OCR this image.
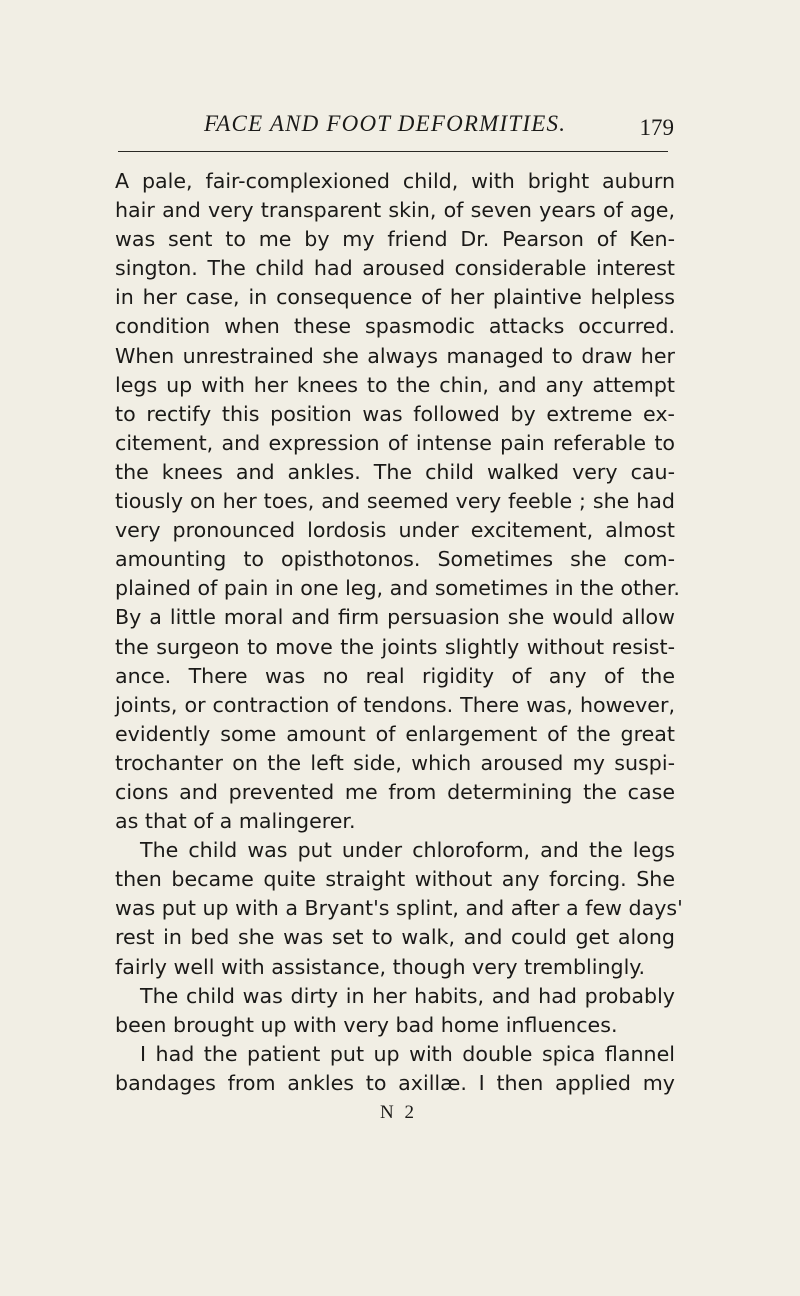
FACE AND FOOT DEFORMITIES.	179
A pale, fair-complexioned child, with bright auburn
hair and very transparent skin, of seven years of age,
was sent to me by my friend Dr. Pearson of Ken-
sington. The child had aroused considerable interest
in her case, in consequence of her plaintive helpless
condition when these spasmodic attacks occurred.
When unrestrained she always managed to draw her
legs up with her knees to the chin, and any attempt
to rectify this position was followed by extreme ex-
citement, and expression of intense pain referable to
the knees and ankles. The child walked very cau-
tiously on her toes, and seemed very feeble ; she had
very pronounced lordosis under excitement, almost
amounting to opisthotonos. Sometimes she com-
plained of pain in one leg, and sometimes in the other.
By a little moral and firm persuasion she would allow
the surgeon to move the joints slightly without resist-
ance. There was no real rigidity of any of the
joints, or contraction of tendons. There was, however,
evidently some amount of enlargement of the great
trochanter on the left side, which aroused my suspi-
cions and prevented me from determining the case
as that of a malingerer.
The child was put under chloroform, and the legs
then became quite straight without any forcing. She
was put up with a Bryant's splint, and after a few days'
rest in bed she was set to walk, and could get along
fairly well with assistance, though very tremblingly.
The child was dirty in her habits, and had probably
been brought up with very bad home influences.
I had the patient put up with double spica flannel
bandages from ankles to axillæ. I then applied my
N 2
